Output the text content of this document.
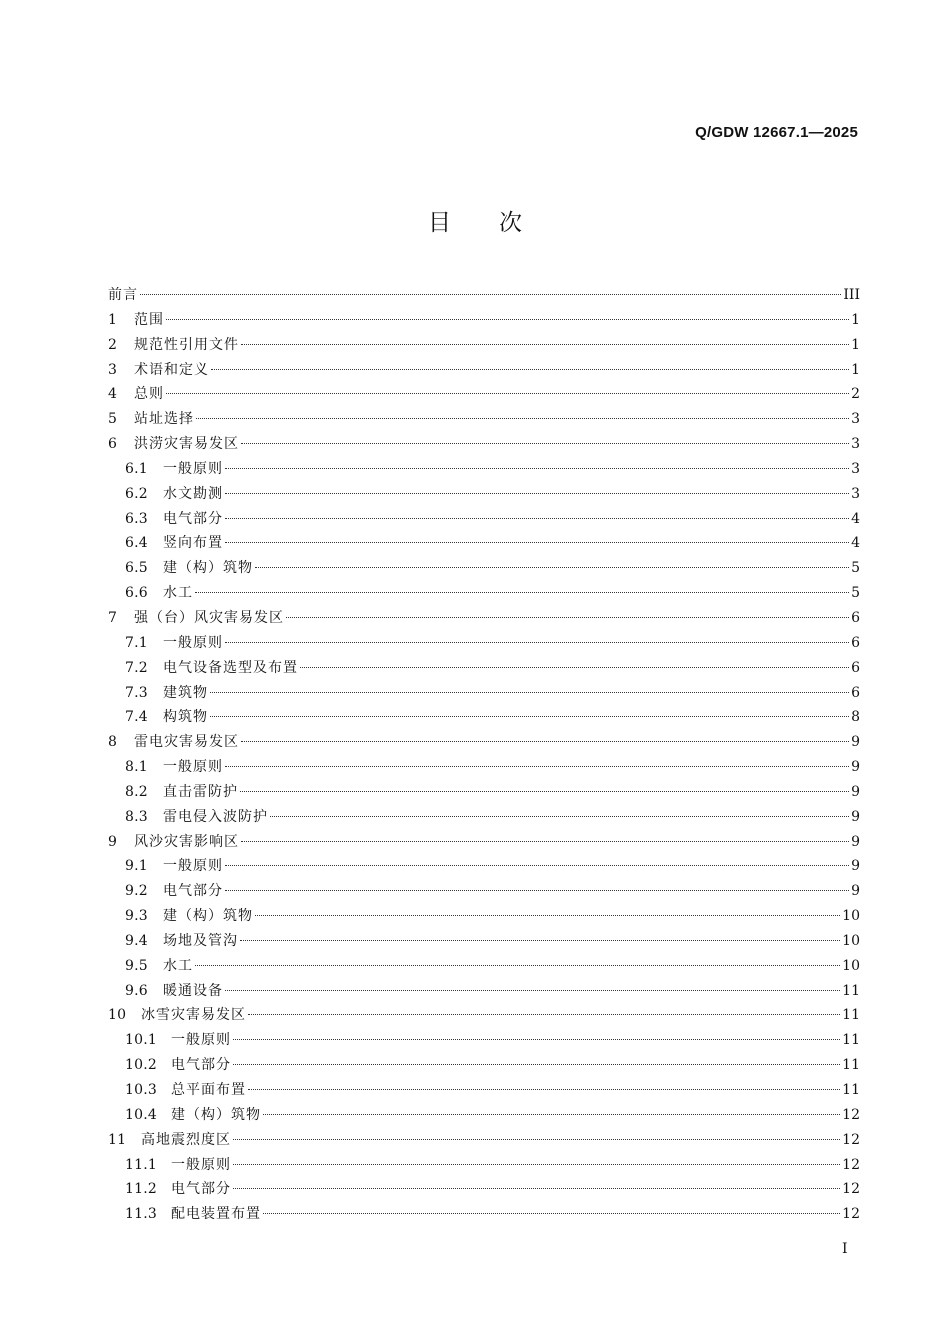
Q/GDW 12667.1—2025
目次
前言	III
1	范围	1
2	规范性引用文件	1
3	术语和定义	1
4	总则	2
5	站址选择	3
6	洪涝灾害易发区	3
6.1	一般原则	3
6.2	水文勘测	3
6.3	电气部分	4
6.4	竖向布置	4
6.5	建（构）筑物	5
6.6	水工	5
7	强（台）风灾害易发区	6
7.1	一般原则	6
7.2	电气设备选型及布置	6
7.3	建筑物	6
7.4	构筑物	8
8	雷电灾害易发区	9
8.1	一般原则	9
8.2	直击雷防护	9
8.3	雷电侵入波防护	9
9	风沙灾害影响区	9
9.1	一般原则	9
9.2	电气部分	9
9.3	建（构）筑物	10
9.4	场地及管沟	10
9.5	水工	10
9.6	暖通设备	11
10	冰雪灾害易发区	11
10.1	一般原则	11
10.2	电气部分	11
10.3	总平面布置	11
10.4	建（构）筑物	12
11	高地震烈度区	12
11.1	一般原则	12
11.2	电气部分	12
11.3	配电装置布置	12
I
